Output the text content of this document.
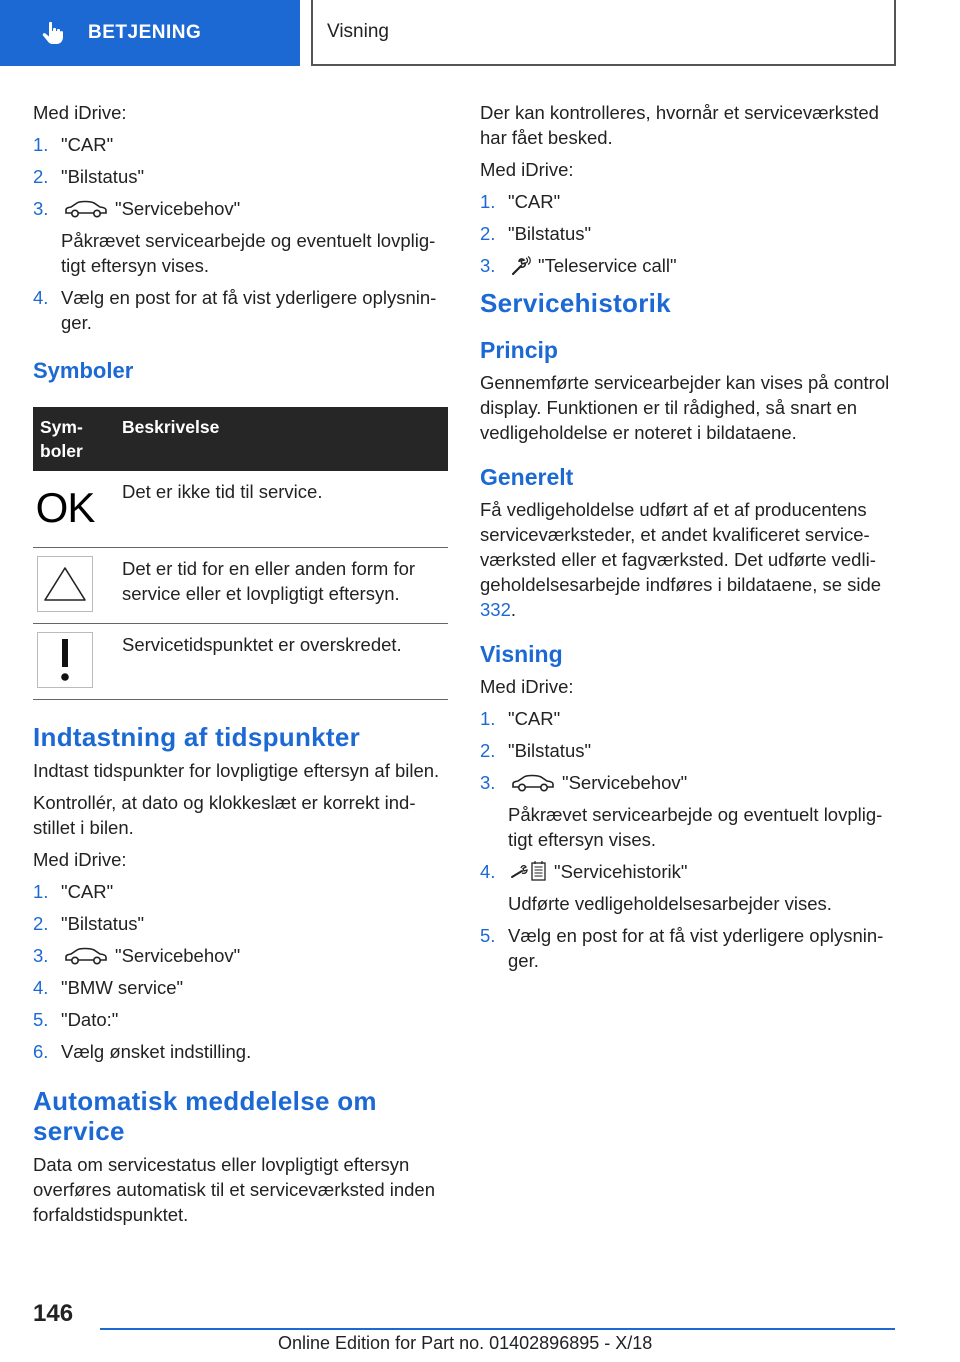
BETJENING	Visning

Med iDrive:

1. "CAR"
2. "Bilstatus"
3.	"Servicebehov"
Påkrævet servicearbejde og eventuelt lovpligtigt eftersyn vises.
4. Vælg en post for at få vist yderligere oplysninger.
Symboler
Symboler	Beskrivelse

OK	Det er ikke tid til service.

	Det er tid for en eller anden form for service eller et lovpligtigt eftersyn.

	Servicetidspunktet er overskredet.
Indtastning af tidspunkter

Indtast tidspunkter for lovpligtige eftersyn af bilen.

Kontrollér, at dato og klokkeslæt er korrekt indstillet i bilen.

Med iDrive:

1. "CAR"
2. "Bilstatus"
3.	"Servicebehov"
4. "BMW service"
5. "Dato:"
6. Vælg ønsket indstilling.
Automatisk meddelelse om service

Data om servicestatus eller lovpligtigt eftersyn overføres automatisk til et serviceværksted inden forfaldstidspunktet.

Der kan kontrolleres, hvornår et serviceværksted har fået besked.

Med iDrive:

1. "CAR"
2. "Bilstatus"
3. "Teleservice call"
Servicehistorik
Princip

Gennemførte servicearbejder kan vises på control display. Funktionen er til rådighed, så snart en vedligeholdelse er noteret i bildataene.

Generelt

Få vedligeholdelse udført af et af producentens serviceværksteder, et andet kvalificeret serviceværksted eller et fagværksted. Det udførte vedligeholdelsesarbejde indføres i bildataene, se side 332.

Visning

Med iDrive:

1. "CAR"
2. "Bilstatus"
3.	"Servicebehov"
Påkrævet servicearbejde og eventuelt lovpligtigt eftersyn vises.
4.	"Servicehistorik"
Udførte vedligeholdelsesarbejder vises.
5. Vælg en post for at få vist yderligere oplysninger.
146
Online Edition for Part no. 01402896895 - X/18
